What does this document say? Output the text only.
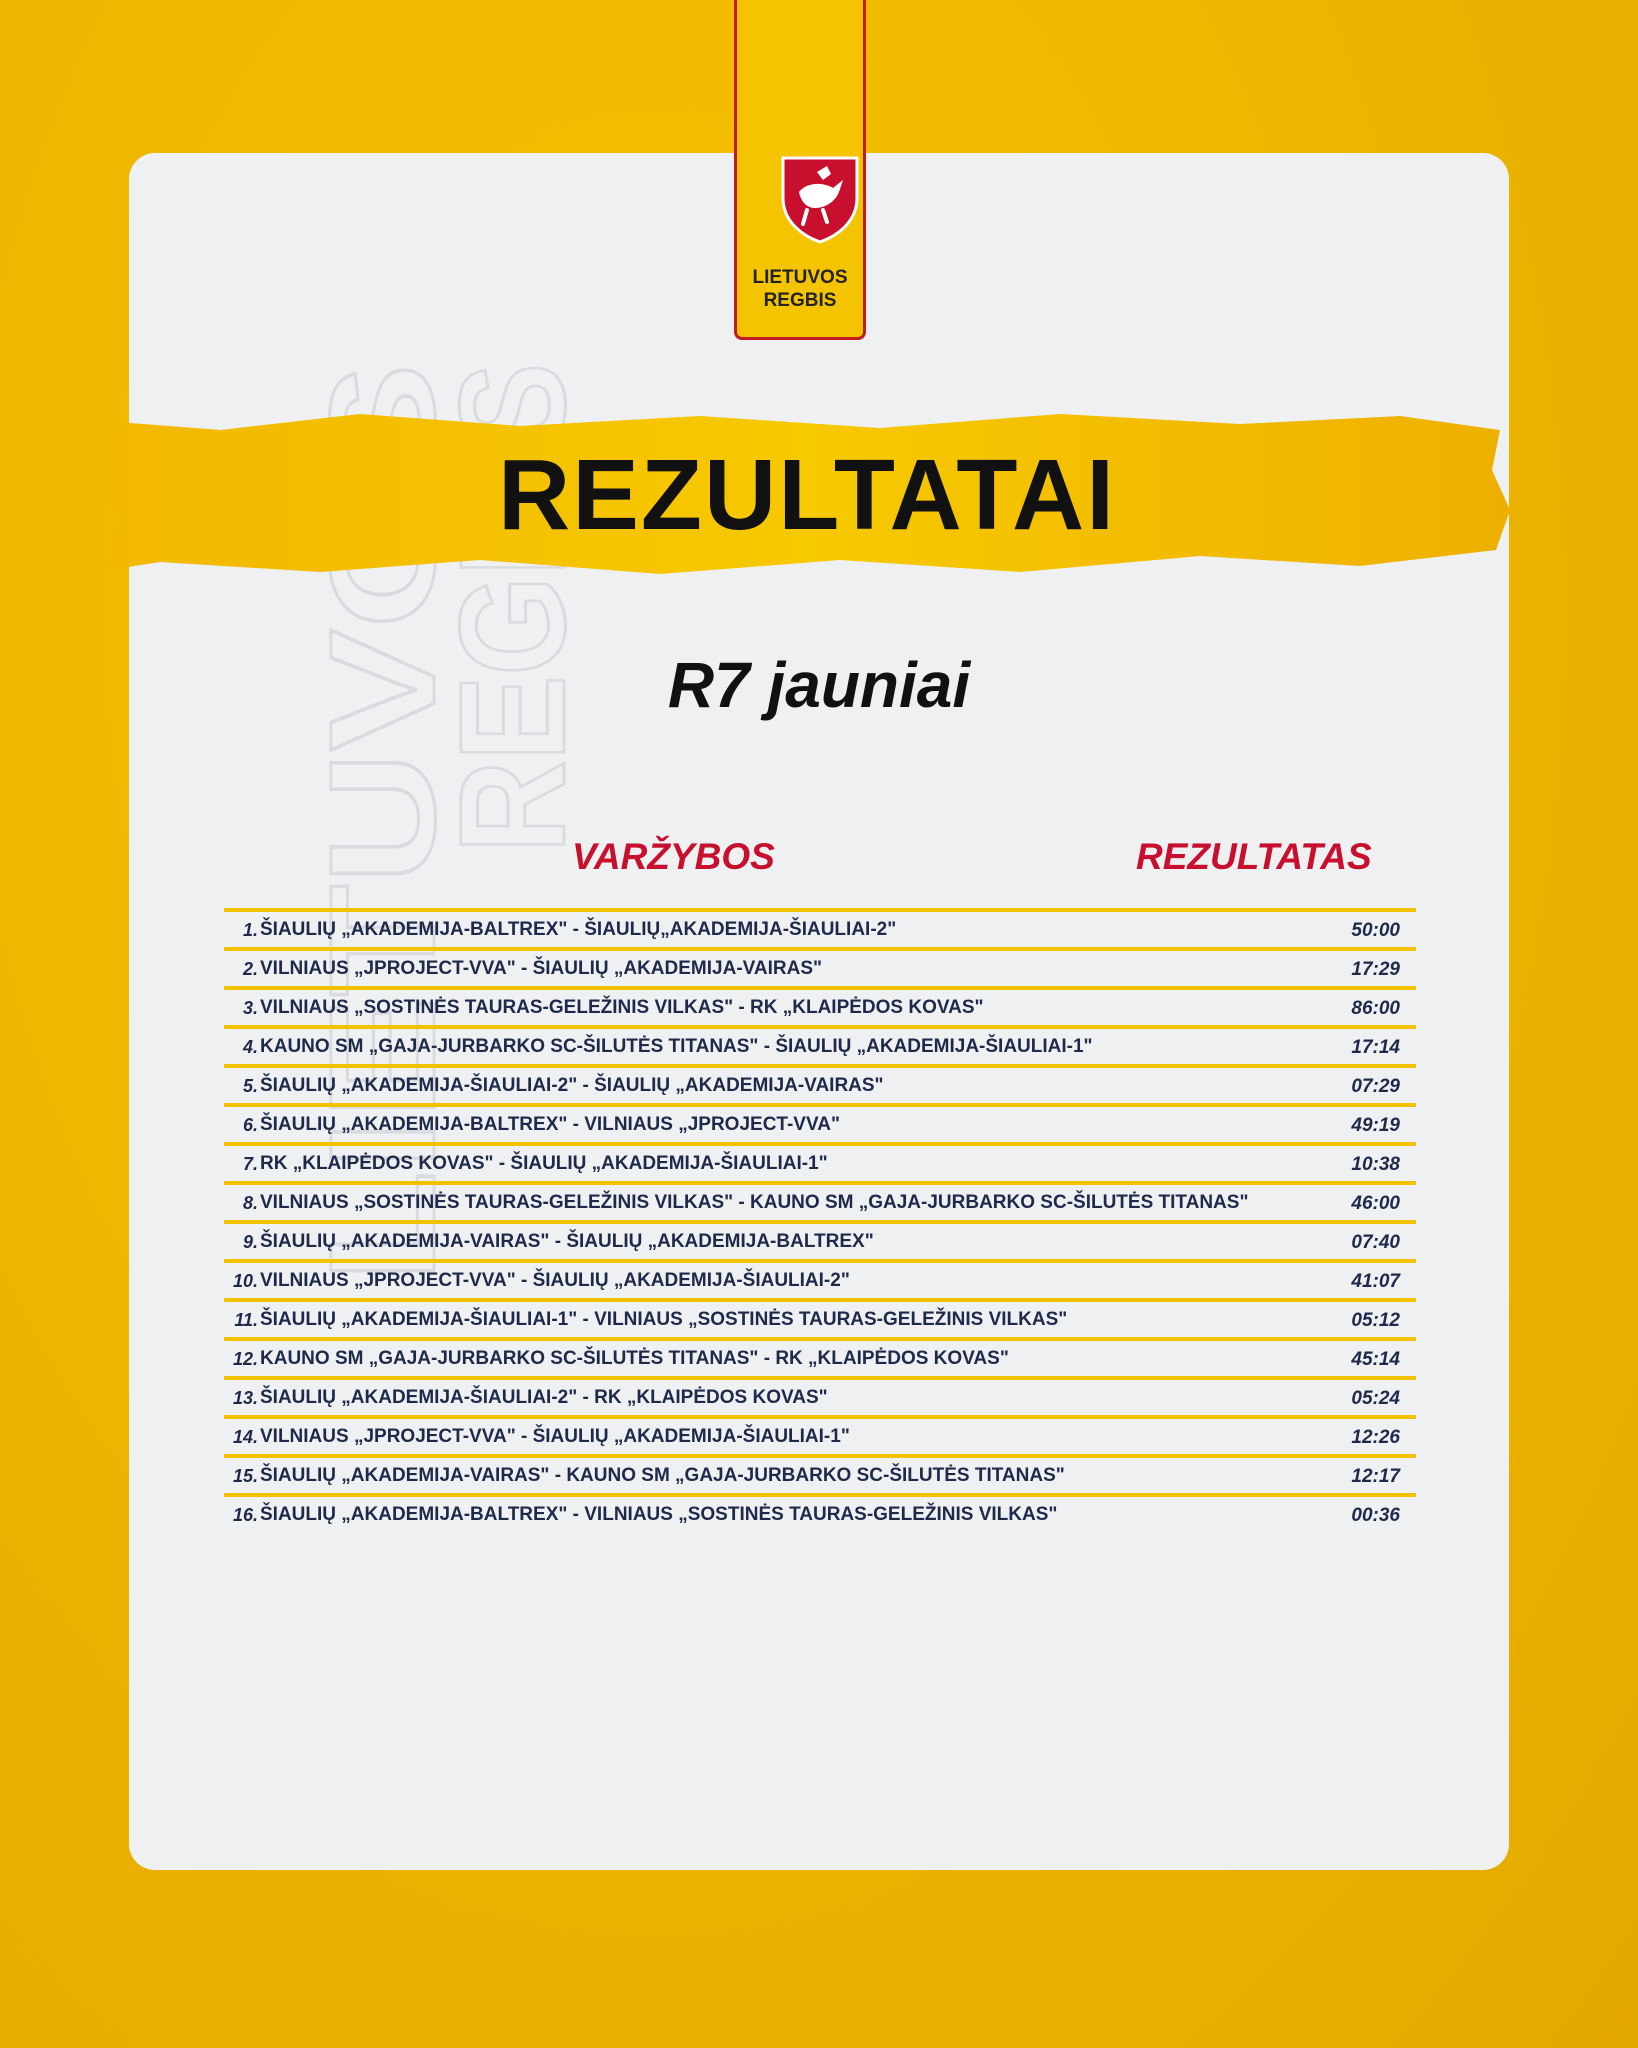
LIETUVOS
REGBIS
LIETUVOS
REGBIS
REZULTATAI
R7 jauniai
VARŽYBOS	REZULTATAS
1. ŠIAULIŲ „AKADEMIJA-BALTREX" - ŠIAULIŲ„AKADEMIJA-ŠIAULIAI-2"	50:00
2. VILNIAUS „JPROJECT-VVA" - ŠIAULIŲ „AKADEMIJA-VAIRAS"	17:29
3. VILNIAUS „SOSTINĖS TAURAS-GELEŽINIS VILKAS" - RK „KLAIPĖDOS KOVAS"	86:00
4. KAUNO SM „GAJA-JURBARKO SC-ŠILUTĖS TITANAS" - ŠIAULIŲ „AKADEMIJA-ŠIAULIAI-1"	17:14
5. ŠIAULIŲ „AKADEMIJA-ŠIAULIAI-2" - ŠIAULIŲ „AKADEMIJA-VAIRAS"	07:29
6. ŠIAULIŲ „AKADEMIJA-BALTREX" - VILNIAUS „JPROJECT-VVA"	49:19
7. RK „KLAIPĖDOS KOVAS" - ŠIAULIŲ „AKADEMIJA-ŠIAULIAI-1"	10:38
8. VILNIAUS „SOSTINĖS TAURAS-GELEŽINIS VILKAS" - KAUNO SM „GAJA-JURBARKO SC-ŠILUTĖS TITANAS"	46:00
9. ŠIAULIŲ „AKADEMIJA-VAIRAS" - ŠIAULIŲ „AKADEMIJA-BALTREX"	07:40
10. VILNIAUS „JPROJECT-VVA" - ŠIAULIŲ „AKADEMIJA-ŠIAULIAI-2"	41:07
11. ŠIAULIŲ „AKADEMIJA-ŠIAULIAI-1" - VILNIAUS „SOSTINĖS TAURAS-GELEŽINIS VILKAS"	05:12
12. KAUNO SM „GAJA-JURBARKO SC-ŠILUTĖS TITANAS" - RK „KLAIPĖDOS KOVAS"	45:14
13. ŠIAULIŲ „AKADEMIJA-ŠIAULIAI-2" - RK „KLAIPĖDOS KOVAS"	05:24
14. VILNIAUS „JPROJECT-VVA" - ŠIAULIŲ „AKADEMIJA-ŠIAULIAI-1"	12:26
15. ŠIAULIŲ „AKADEMIJA-VAIRAS" - KAUNO SM „GAJA-JURBARKO SC-ŠILUTĖS TITANAS"	12:17
16. ŠIAULIŲ „AKADEMIJA-BALTREX" - VILNIAUS „SOSTINĖS TAURAS-GELEŽINIS VILKAS"	00:36
